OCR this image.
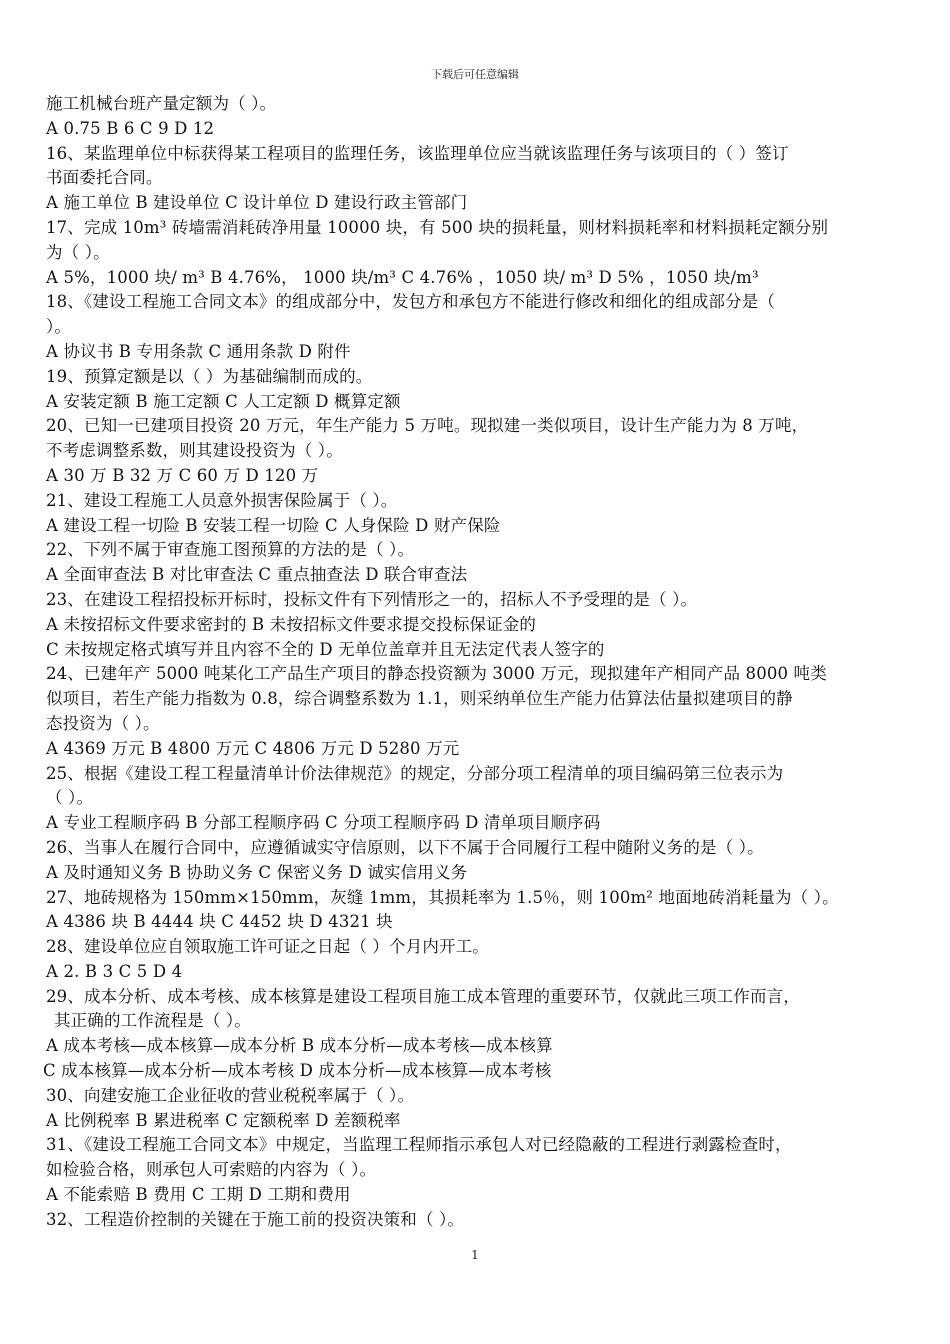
下载后可任意编辑
施工机械台班产量定额为（ ）。
A 0.75 B 6 C 9 D 12
16、某监理单位中标获得某工程项目的监理任务，该监理单位应当就该监理任务与该项目的（ ）签订
书面委托合同。
A 施工单位 B 建设单位 C 设计单位 D 建设行政主管部门
17、完成 10m³ 砖墙需消耗砖净用量 10000 块，有 500 块的损耗量，则材料损耗率和材料损耗定额分别
为（ ）。
A 5%，1000 块/ m³ B 4.76%， 1000 块/m³ C 4.76% ，1050 块/ m³ D 5% ，1050 块/m³
18、《建设工程施工合同文本》的组成部分中，发包方和承包方不能进行修改和细化的组成部分是（
）。
A 协议书 B 专用条款 C 通用条款 D 附件
19、预算定额是以（ ）为基础编制而成的。
A 安装定额 B 施工定额 C 人工定额 D 概算定额
20、已知一已建项目投资 20 万元，年生产能力 5 万吨。现拟建一类似项目，设计生产能力为 8 万吨，
不考虑调整系数，则其建设投资为（ ）。
A 30 万 B 32 万 C 60 万 D 120 万
21、建设工程施工人员意外损害保险属于（ ）。
A 建设工程一切险 B 安装工程一切险 C 人身保险 D 财产保险
22、下列不属于审查施工图预算的方法的是（ ）。
A 全面审查法 B 对比审查法 C 重点抽查法 D 联合审查法
23、在建设工程招投标开标时，投标文件有下列情形之一的，招标人不予受理的是（ ）。
A 未按招标文件要求密封的 B 未按招标文件要求提交投标保证金的
C 未按规定格式填写并且内容不全的 D 无单位盖章并且无法定代表人签字的
24、已建年产 5000 吨某化工产品生产项目的静态投资额为 3000 万元，现拟建年产相同产品 8000 吨类
似项目，若生产能力指数为 0.8，综合调整系数为 1.1，则采纳单位生产能力估算法估量拟建项目的静
态投资为（ ）。
A 4369 万元 B 4800 万元 C 4806 万元 D 5280 万元
25、根据《建设工程工程量清单计价法律规范》的规定，分部分项工程清单的项目编码第三位表示为
（ ）。
A 专业工程顺序码 B 分部工程顺序码 C 分项工程顺序码 D 清单项目顺序码
26、当事人在履行合同中，应遵循诚实守信原则，以下不属于合同履行工程中随附义务的是（ ）。
A 及时通知义务 B 协助义务 C 保密义务 D 诚实信用义务
27、地砖规格为 150mm×150mm，灰缝 1mm，其损耗率为 1.5％，则 100m² 地面地砖消耗量为（ ）。
A 4386 块 B 4444 块 C 4452 块 D 4321 块
28、建设单位应自领取施工许可证之日起（ ）个月内开工。
A 2. B 3 C 5 D 4
29、成本分析、成本考核、成本核算是建设工程项目施工成本管理的重要环节，仅就此三项工作而言，
其正确的工作流程是（ ）。
A 成本考核—成本核算—成本分析 B 成本分析—成本考核—成本核算
C 成本核算—成本分析—成本考核 D 成本分析—成本核算—成本考核
30、向建安施工企业征收的营业税税率属于（ ）。
A 比例税率 B 累进税率 C 定额税率 D 差额税率
31、《建设工程施工合同文本》中规定，当监理工程师指示承包人对已经隐蔽的工程进行剥露检查时，
如检验合格，则承包人可索赔的内容为（ ）。
A 不能索赔 B 费用 C 工期 D 工期和费用
32、工程造价控制的关键在于施工前的投资决策和（ ）。
1
